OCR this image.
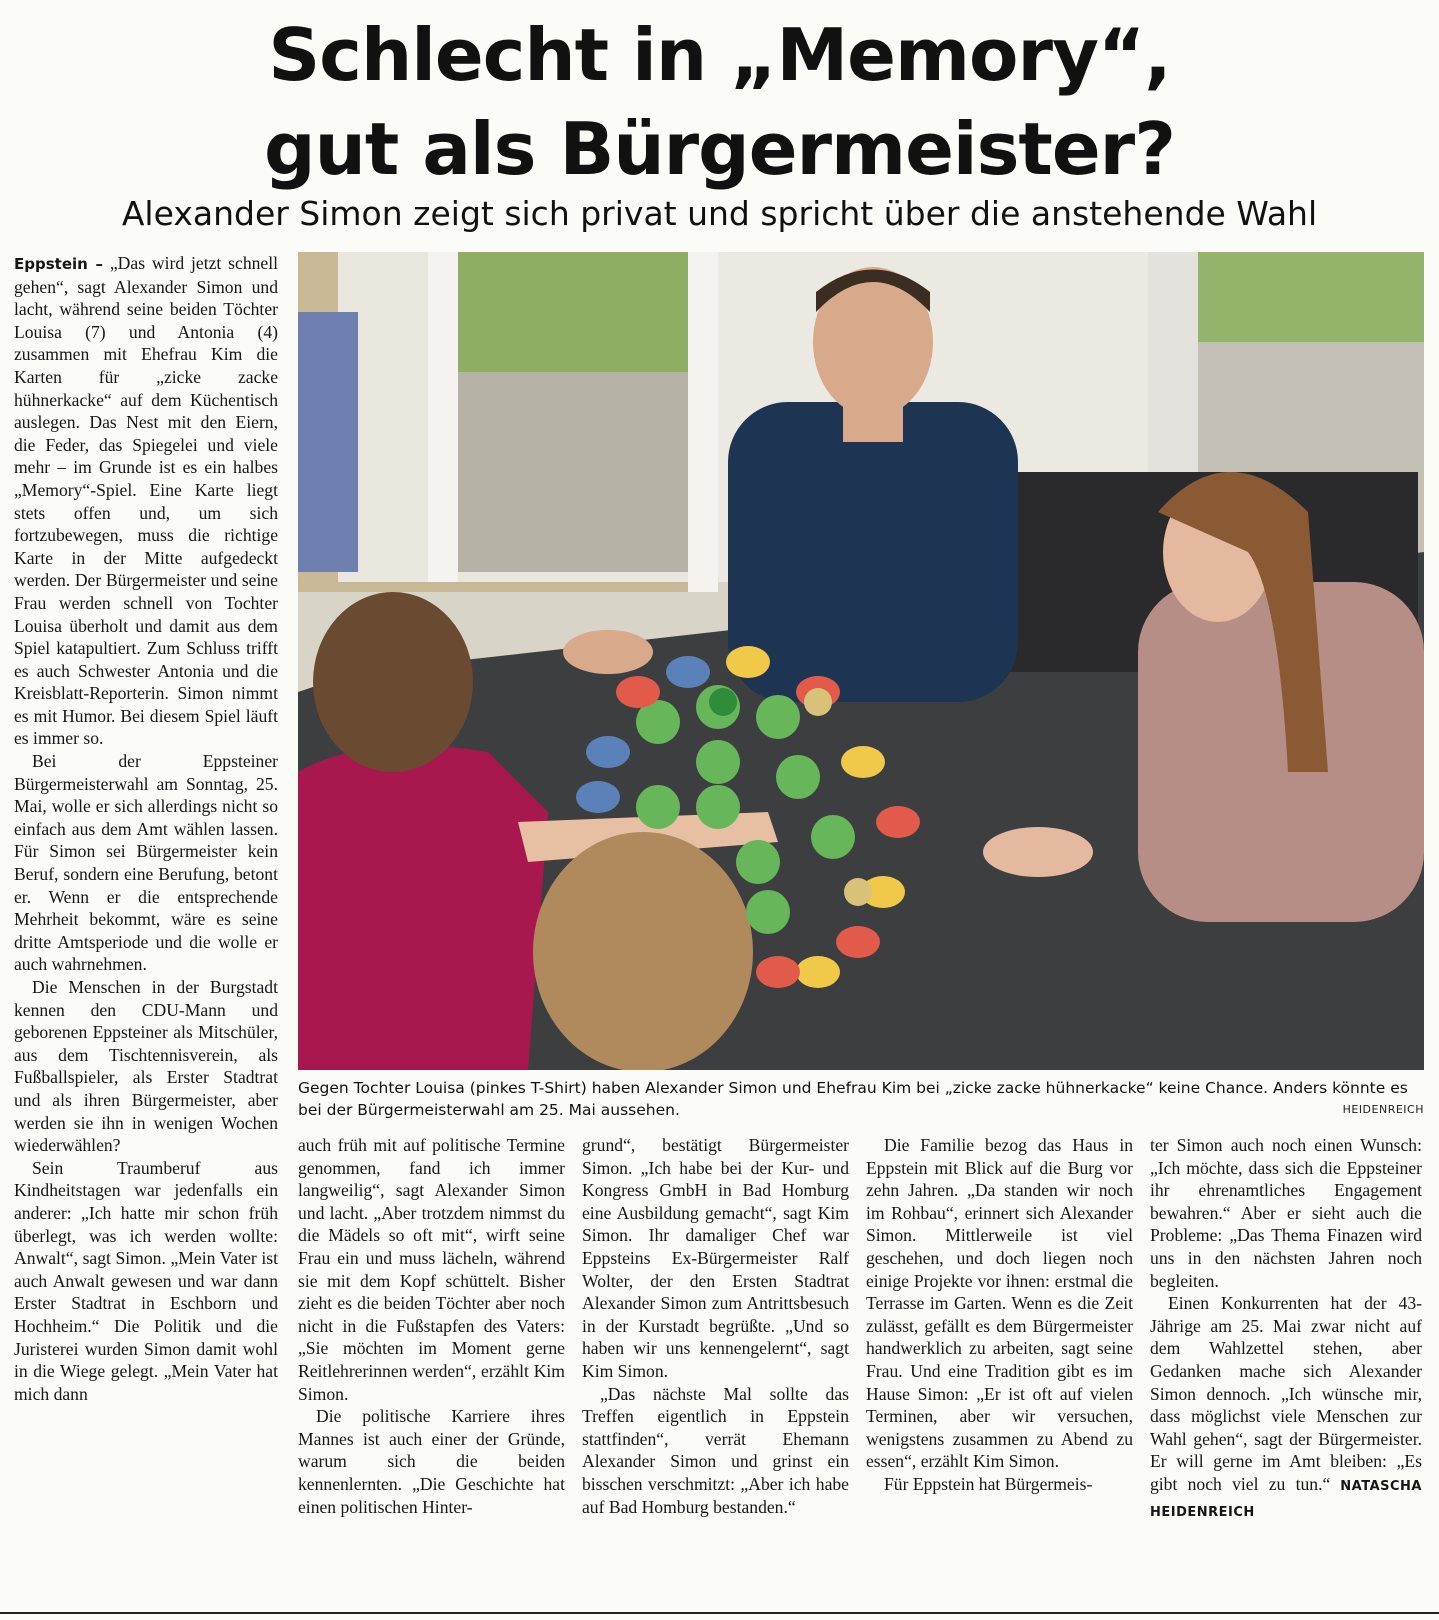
Schlecht in „Memory“,
gut als Bürgermeister?
Alexander Simon zeigt sich privat und spricht über die anstehende Wahl

Eppstein – „Das wird jetzt schnell gehen“, sagt Alexander Simon und lacht, während seine beiden Töchter Louisa (7) und Antonia (4) zusammen mit Ehefrau Kim die Karten für „zicke zacke hühnerkacke“ auf dem Küchentisch auslegen. Das Nest mit den Eiern, die Feder, das Spiegelei und viele mehr – im Grunde ist es ein halbes „Memory“-Spiel. Eine Karte liegt stets offen und, um sich fortzubewegen, muss die richtige Karte in der Mitte aufgedeckt werden. Der Bürgermeister und seine Frau werden schnell von Tochter Louisa überholt und damit aus dem Spiel katapultiert. Zum Schluss trifft es auch Schwester Antonia und die Kreisblatt-Reporterin. Simon nimmt es mit Humor. Bei diesem Spiel läuft es immer so.

Bei der Eppsteiner Bürgermeisterwahl am Sonntag, 25. Mai, wolle er sich allerdings nicht so einfach aus dem Amt wählen lassen. Für Simon sei Bürgermeister kein Beruf, sondern eine Berufung, betont er. Wenn er die entsprechende Mehrheit bekommt, wäre es seine dritte Amtsperiode und die wolle er auch wahrnehmen.

Die Menschen in der Burgstadt kennen den CDU-Mann und geborenen Eppsteiner als Mitschüler, aus dem Tischtennisverein, als Fußballspieler, als Erster Stadtrat und als ihren Bürgermeister, aber werden sie ihn in wenigen Wochen wiederwählen?

Sein Traumberuf aus Kindheitstagen war jedenfalls ein anderer: „Ich hatte mir schon früh überlegt, was ich werden wollte: Anwalt“, sagt Simon. „Mein Vater ist auch Anwalt gewesen und war dann Erster Stadtrat in Eschborn und Hochheim.“ Die Politik und die Juristerei wurden Simon damit wohl in die Wiege gelegt. „Mein Vater hat mich dann

Gegen Tochter Louisa (pinkes T-Shirt) haben Alexander Simon und Ehefrau Kim bei „zicke zacke hühnerkacke“ keine Chance. Anders könnte es bei der Bürgermeisterwahl am 25. Mai aussehen.	HEIDENREICH

auch früh mit auf politische Termine genommen, fand ich immer langweilig“, sagt Alexander Simon und lacht. „Aber trotzdem nimmst du die Mädels so oft mit“, wirft seine Frau ein und muss lächeln, während sie mit dem Kopf schüttelt. Bisher zieht es die beiden Töchter aber noch nicht in die Fußstapfen des Vaters: „Sie möchten im Moment gerne Reitlehrerinnen werden“, erzählt Kim Simon.

Die politische Karriere ihres Mannes ist auch einer der Gründe, warum sich die beiden kennenlernten. „Die Geschichte hat einen politischen Hinter-

grund“, bestätigt Bürgermeister Simon. „Ich habe bei der Kur- und Kongress GmbH in Bad Homburg eine Ausbildung gemacht“, sagt Kim Simon. Ihr damaliger Chef war Eppsteins Ex-Bürgermeister Ralf Wolter, der den Ersten Stadtrat Alexander Simon zum Antrittsbesuch in der Kurstadt begrüßte. „Und so haben wir uns kennengelernt“, sagt Kim Simon.

„Das nächste Mal sollte das Treffen eigentlich in Eppstein stattfinden“, verrät Ehemann Alexander Simon und grinst ein bisschen verschmitzt: „Aber ich habe auf Bad Homburg bestanden.“

Die Familie bezog das Haus in Eppstein mit Blick auf die Burg vor zehn Jahren. „Da standen wir noch im Rohbau“, erinnert sich Alexander Simon. Mittlerweile ist viel geschehen, und doch liegen noch einige Projekte vor ihnen: erstmal die Terrasse im Garten. Wenn es die Zeit zulässt, gefällt es dem Bürgermeister handwerklich zu arbeiten, sagt seine Frau. Und eine Tradition gibt es im Hause Simon: „Er ist oft auf vielen Terminen, aber wir versuchen, wenigstens zusammen zu Abend zu essen“, erzählt Kim Simon.

Für Eppstein hat Bürgermeis-

ter Simon auch noch einen Wunsch: „Ich möchte, dass sich die Eppsteiner ihr ehrenamtliches Engagement bewahren.“ Aber er sieht auch die Probleme: „Das Thema Finazen wird uns in den nächsten Jahren noch begleiten.

Einen Konkurrenten hat der 43-Jährige am 25. Mai zwar nicht auf dem Wahlzettel stehen, aber Gedanken mache sich Alexander Simon dennoch. „Ich wünsche mir, dass möglichst viele Menschen zur Wahl gehen“, sagt der Bürgermeister. Er will gerne im Amt bleiben: „Es gibt noch viel zu tun.“ NATASCHA HEIDENREICH
